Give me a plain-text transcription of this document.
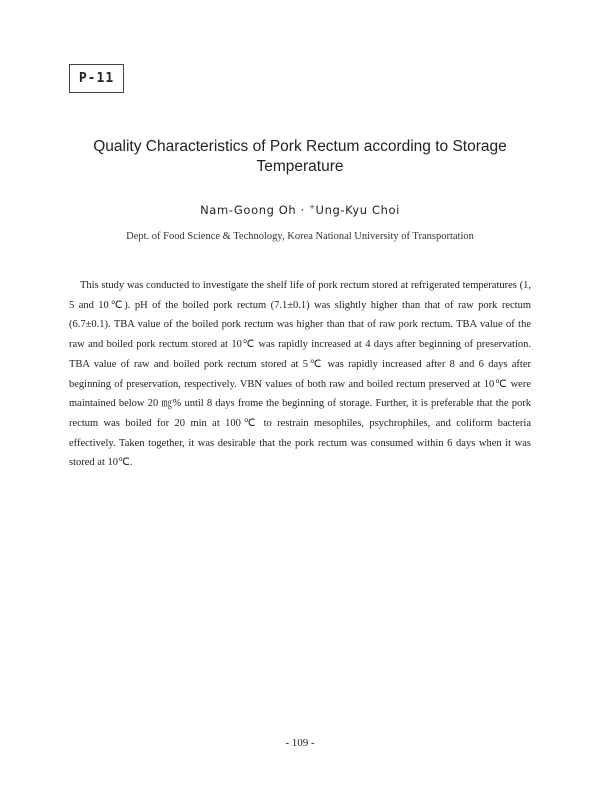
P-11
Quality Characteristics of Pork Rectum according to Storage Temperature
Nam-Goong Oh · +Ung-Kyu Choi
Dept. of Food Science & Technology, Korea National University of Transportation

This study was conducted to investigate the shelf life of pork rectum stored at refrigerated temperatures (1, 5 and 10℃). pH of the boiled pork rectum (7.1±0.1) was slightly higher than that of raw pork rectum (6.7±0.1). TBA value of the boiled pork rectum was higher than that of raw pork rectum. TBA value of the raw and boiled pork rectum stored at 10℃ was rapidly increased at 4 days after beginning of preservation. TBA value of raw and boiled pork rectum stored at 5℃ was rapidly increased after 8 and 6 days after beginning of preservation, respectively. VBN values of both raw and boiled rectum preserved at 10℃ were maintained below 20 ㎎% until 8 days frome the beginning of storage. Further, it is preferable that the pork rectum was boiled for 20 min at 100℃ to restrain mesophiles, psychrophiles, and coliform bacteria effectively. Taken together, it was desirable that the pork rectum was consumed within 6 days when it was stored at 10℃.

- 109 -
